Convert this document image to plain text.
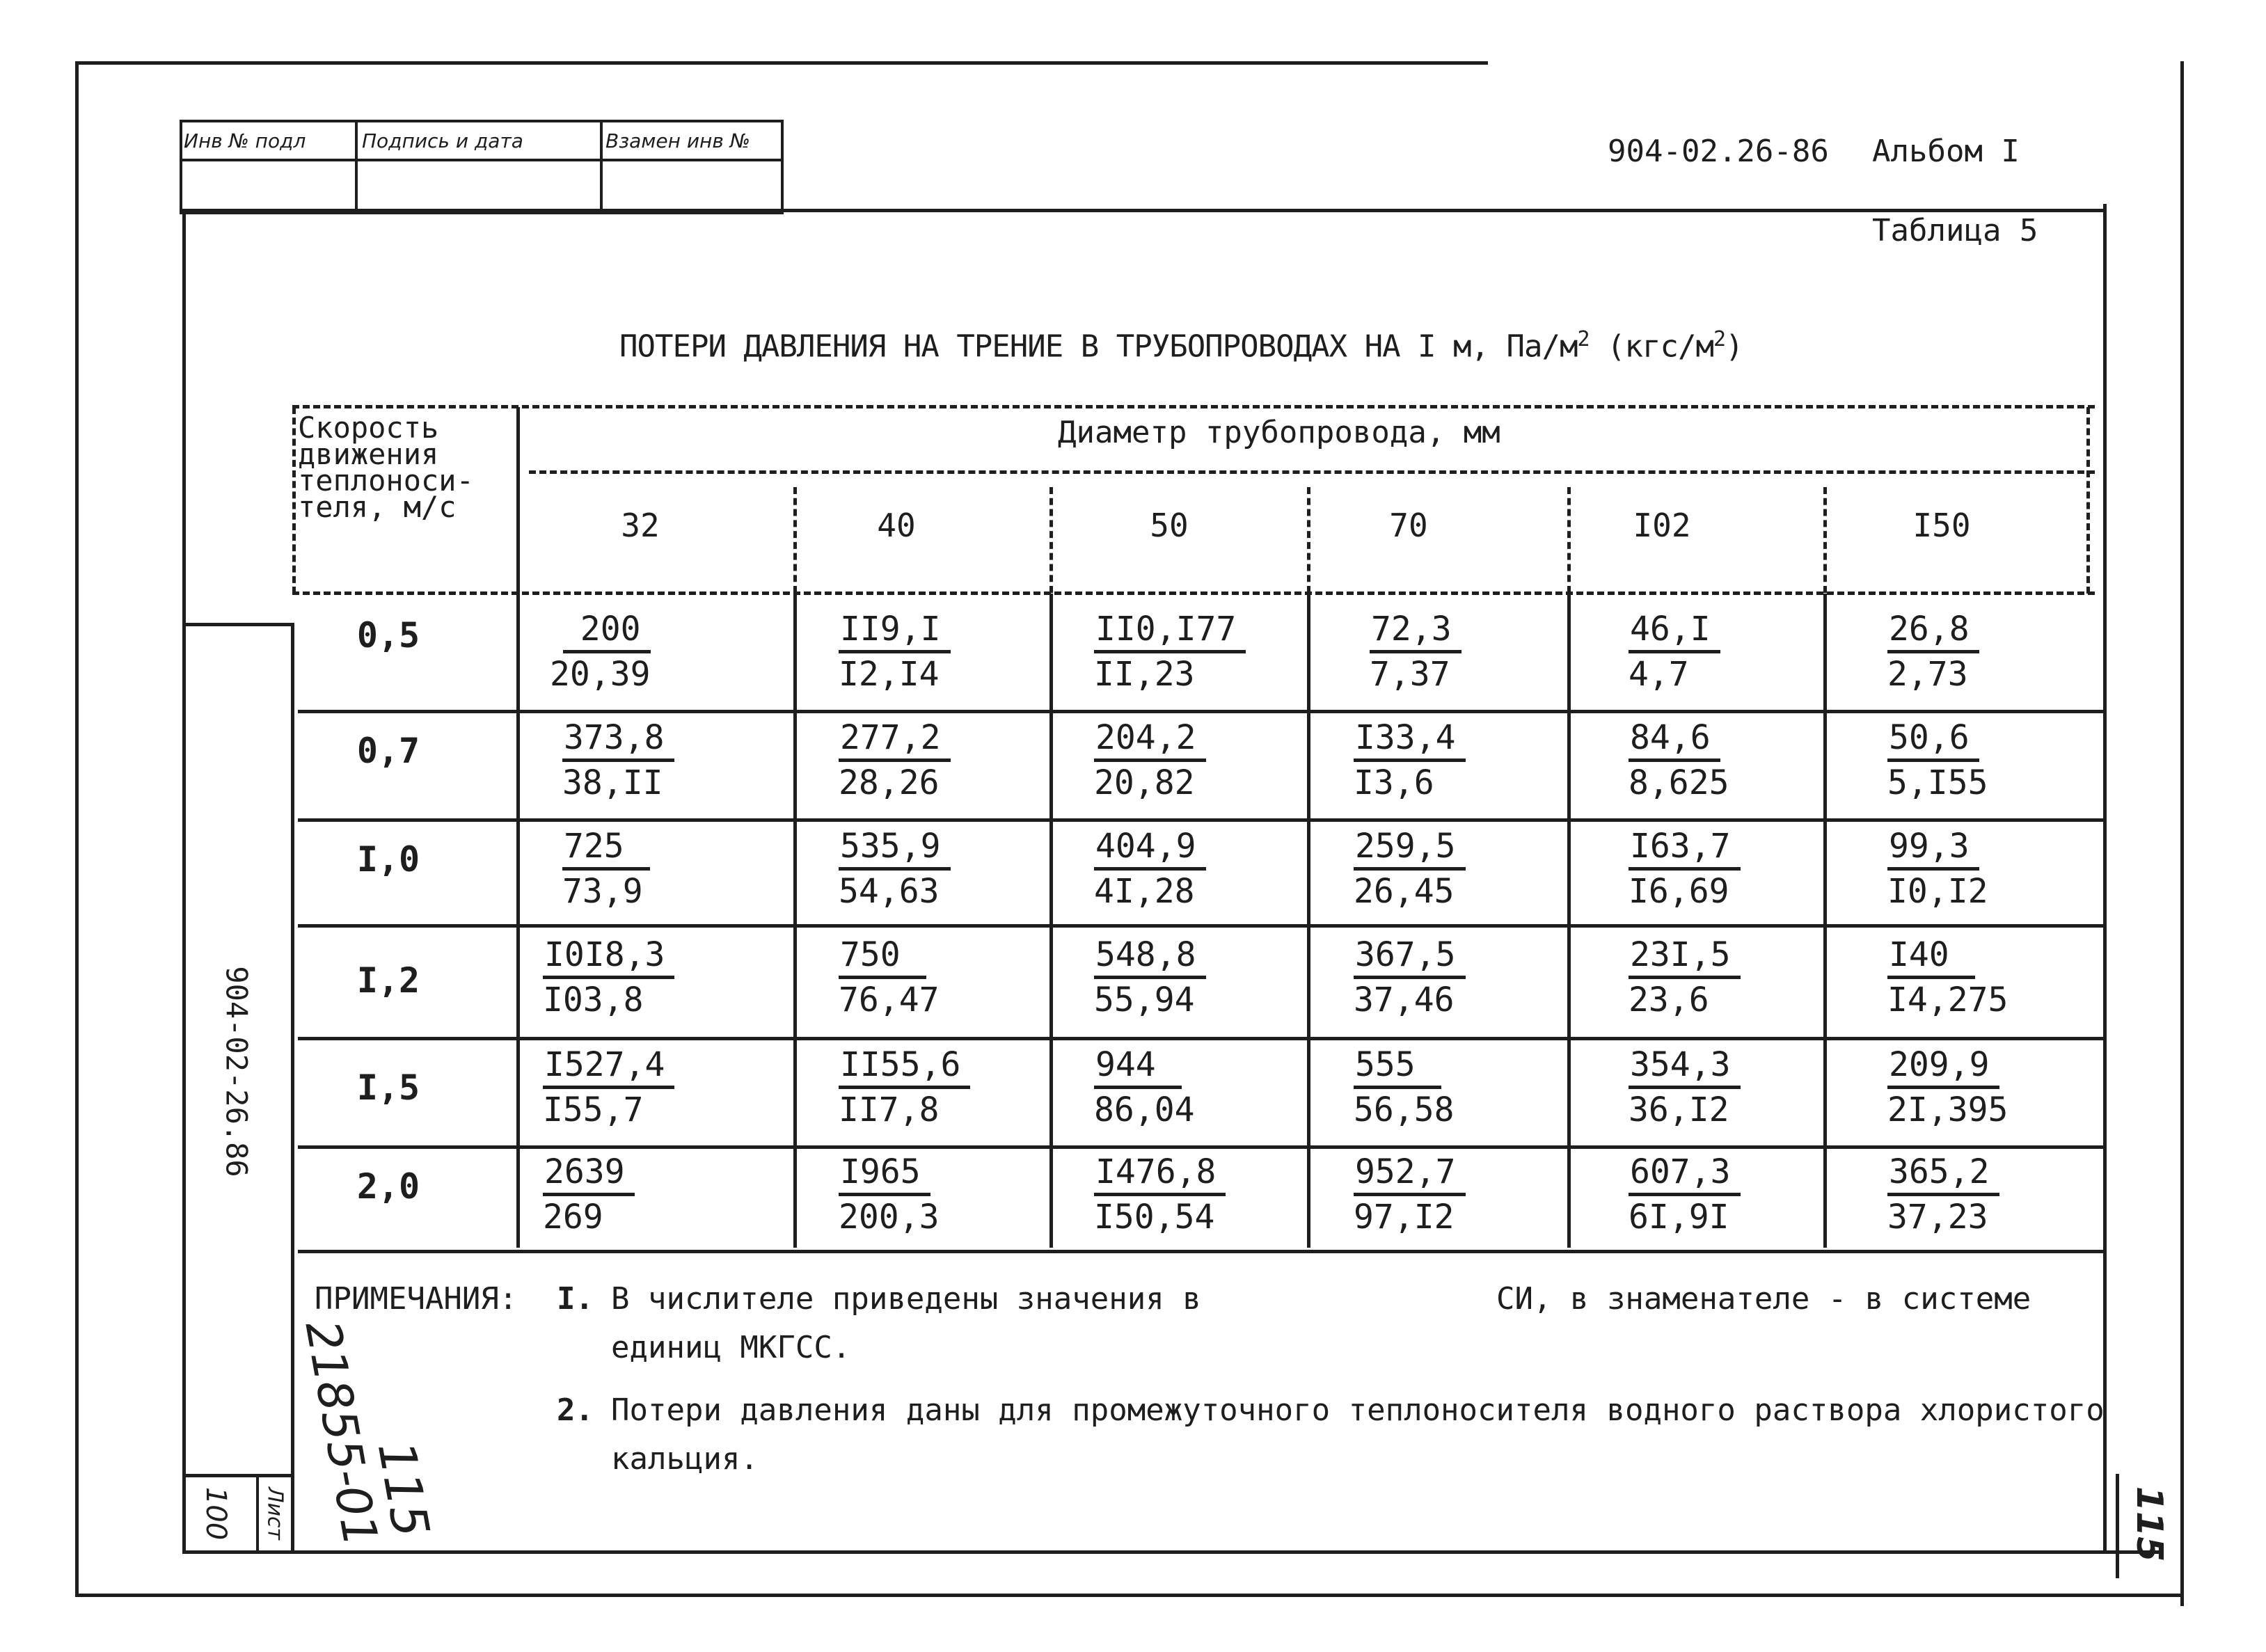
Инв № подл	Подпись и дата	Взамен инв №	904-02.26-86 Альбом I
Таблица 5
ПОТЕРИ ДАВЛЕНИЯ НА ТРЕНИЕ В ТРУБОПРОВОДАХ НА I м, $Па/м^2$ $(кгс/м^2)$
Скорость
движения
теплоноси-
теля, м/с
Диаметр трубопровода, мм
32	40	50	70	I02	I50
904-02-26.86
100 Лист
0,5	$\frac{200}{20,39}$	$\frac{II9,I}{I2,I4}$	$\frac{II0,I77}{II,23}$	$\frac{72,3}{7,37}$	$\frac{46,I}{4,7}$	$\frac{26,8}{2,73}$
0,7	$\frac{373,8}{38,II}$	$\frac{277,2}{28,26}$	$\frac{204,2}{20,82}$	$\frac{I33,4}{I3,6}$	$\frac{84,6}{8,625}$	$\frac{50,6}{5,I55}$
I,0	$\frac{725}{73,9}$	$\frac{535,9}{54,63}$	$\frac{404,9}{4I,28}$	$\frac{259,5}{26,45}$	$\frac{I63,7}{I6,69}$	$\frac{99,3}{I0,I2}$
I,2	$\frac{I0I8,3}{I03,8}$	$\frac{750}{76,47}$	$\frac{548,8}{55,94}$	$\frac{367,5}{37,46}$	$\frac{23I,5}{23,6}$	$\frac{I40}{I4,275}$
I,5	$\frac{I527,4}{I55,7}$	$\frac{II55,6}{II7,8}$	$\frac{944}{86,04}$	$\frac{555}{56,58}$	$\frac{354,3}{36,I2}$	$\frac{209,9}{2I,395}$
2,0	$\frac{2639}{269}$	$\frac{I965}{200,3}$	$\frac{I476,8}{I50,54}$	$\frac{952,7}{97,I2}$	$\frac{607,3}{6I,9I}$	$\frac{365,2}{37,23}$
ПРИМЕЧАНИЯ: I. В числителе приведены значения в	СИ, в знаменателе - в системе
единиц МКГСС.
2. Потери давления даны для промежуточного теплоносителя водного раствора хлористого
кальция.
21855-01
115	115
